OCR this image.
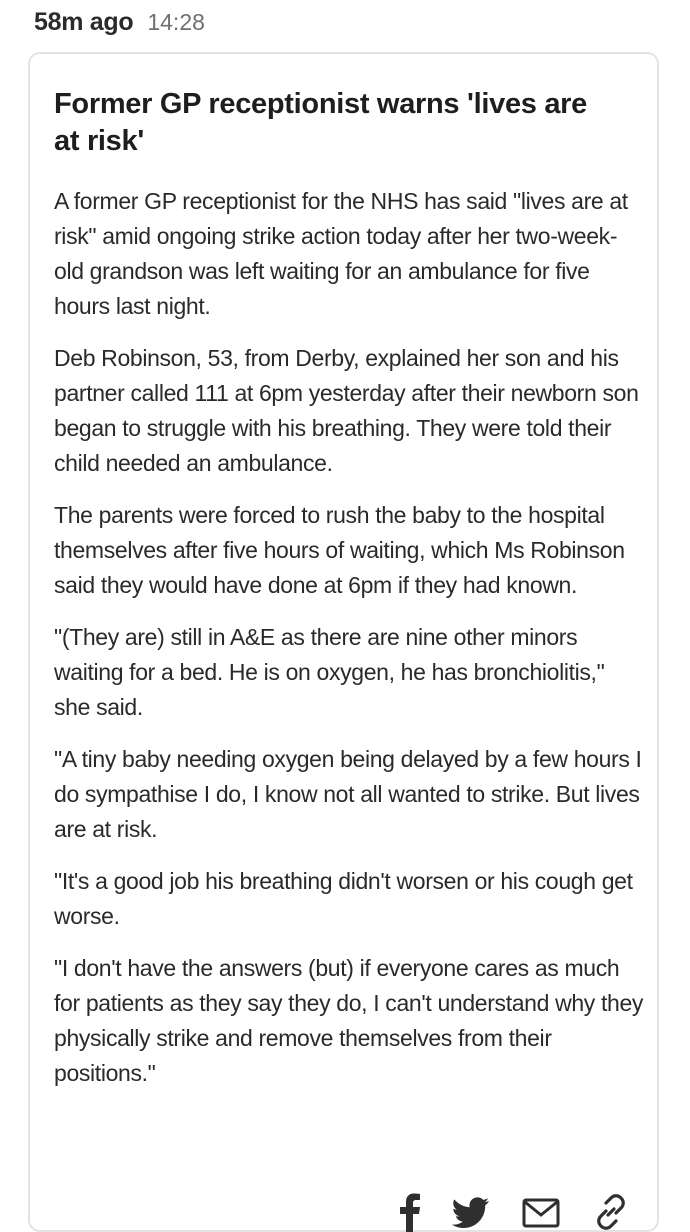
58m ago 14:28
Former GP receptionist warns 'lives are at risk'

A former GP receptionist for the NHS has said "lives are at risk" amid ongoing strike action today after her two-week-old grandson was left waiting for an ambulance for five hours last night.

Deb Robinson, 53, from Derby, explained her son and his partner called 111 at 6pm yesterday after their newborn son began to struggle with his breathing. They were told their child needed an ambulance.

The parents were forced to rush the baby to the hospital themselves after five hours of waiting, which Ms Robinson said they would have done at 6pm if they had known.

"(They are) still in A&E as there are nine other minors waiting for a bed. He is on oxygen, he has bronchiolitis," she said.

"A tiny baby needing oxygen being delayed by a few hours I do sympathise I do, I know not all wanted to strike. But lives are at risk.

"It's a good job his breathing didn't worsen or his cough get worse.

"I don't have the answers (but) if everyone cares as much for patients as they say they do, I can't understand why they physically strike and remove themselves from their positions."
